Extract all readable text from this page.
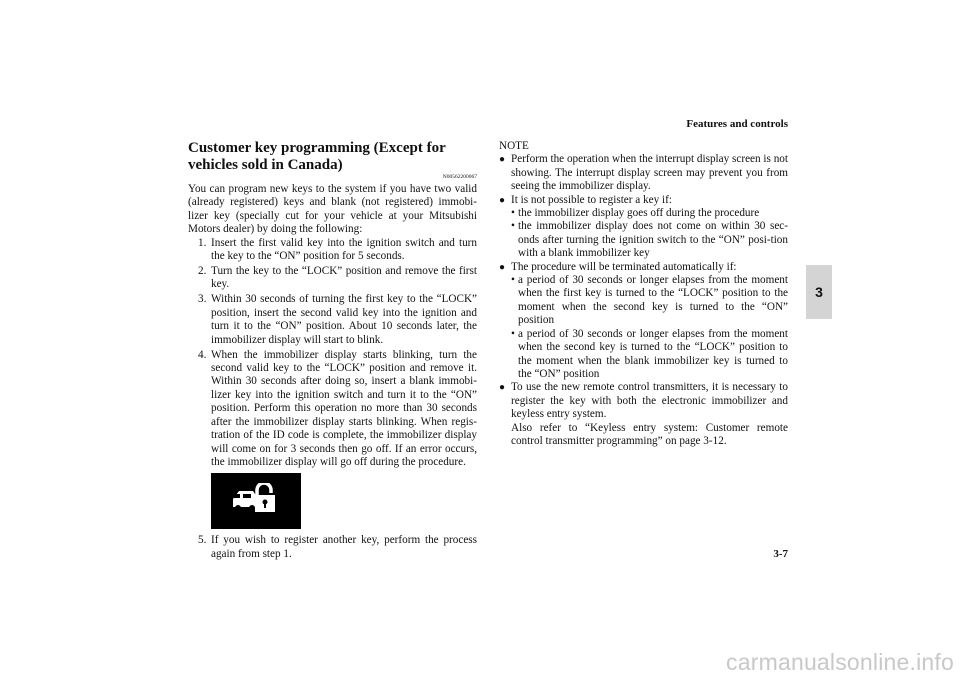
Features and controls
3
3-7
Customer key programming (Except for vehicles sold in Canada)
N00562200067

You can program new keys to the system if you have two valid (already registered) keys and blank (not registered) immobi-lizer key (specially cut for your vehicle at your Mitsubishi Motors dealer) by doing the following:

1. Insert the first valid key into the ignition switch and turn the key to the “ON” position for 5 seconds.
2. Turn the key to the “LOCK” position and remove the first key.
3. Within 30 seconds of turning the first key to the “LOCK” position, insert the second valid key into the ignition and turn it to the “ON” position. About 10 seconds later, the immobilizer display will start to blink.
4. When the immobilizer display starts blinking, turn the second valid key to the “LOCK” position and remove it. Within 30 seconds after doing so, insert a blank immobi-lizer key into the ignition switch and turn it to the “ON” position. Perform this operation no more than 30 seconds after the immobilizer display starts blinking. When regis-tration of the ID code is complete, the immobilizer display will come on for 3 seconds then go off. If an error occurs, the immobilizer display will go off during the procedure.
5. If you wish to register another key, perform the process again from step 1.

NOTE

● Perform the operation when the interrupt display screen is not showing. The interrupt display screen may prevent you from seeing the immobilizer display.
● It is not possible to register a key if:
• the immobilizer display goes off during the procedure
• the immobilizer display does not come on within 30 sec-onds after turning the ignition switch to the “ON” posi-tion with a blank immobilizer key
● The procedure will be terminated automatically if:
• a period of 30 seconds or longer elapses from the moment when the first key is turned to the “LOCK” position to the moment when the second key is turned to the “ON” position
• a period of 30 seconds or longer elapses from the moment when the second key is turned to the “LOCK” position to the moment when the blank immobilizer key is turned to the “ON” position
● To use the new remote control transmitters, it is necessary to register the key with both the electronic immobilizer and keyless entry system.
Also refer to “Keyless entry system: Customer remote control transmitter programming” on page 3-12.
carmanualsonline.info
